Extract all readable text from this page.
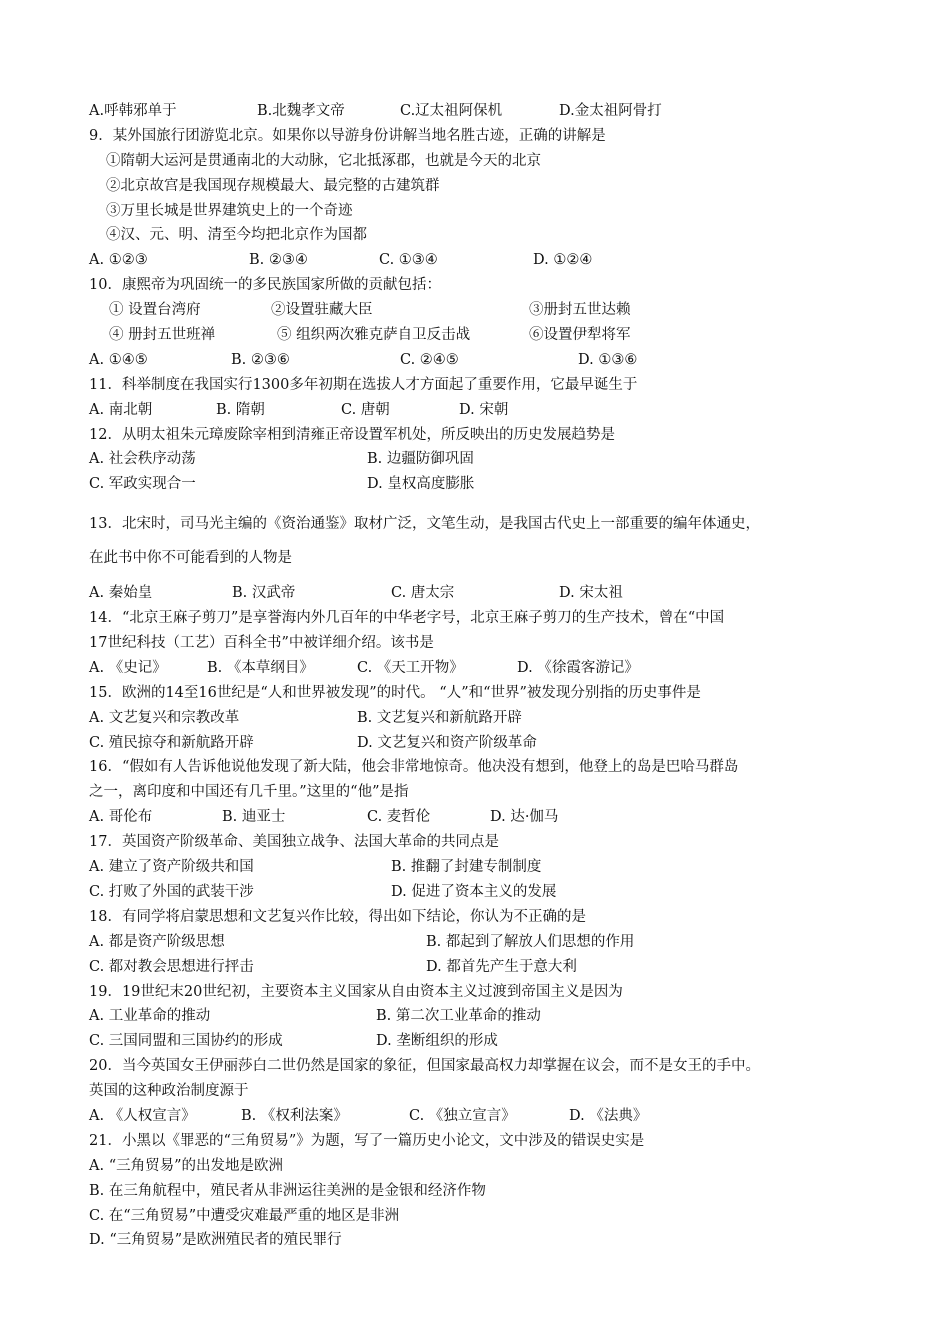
A.呼韩邪单于	B.北魏孝文帝	C.辽太祖阿保机	D.金太祖阿骨打
9．某外国旅行团游览北京。如果你以导游身份讲解当地名胜古迹，正确的讲解是
①隋朝大运河是贯通南北的大动脉，它北抵涿郡，也就是今天的北京
②北京故宫是我国现存规模最大、最完整的古建筑群
③万里长城是世界建筑史上的一个奇迹
④汉、元、明、清至今均把北京作为国都
A. ①②③	B. ②③④	C. ①③④	D. ①②④
10．康熙帝为巩固统一的多民族国家所做的贡献包括：
① 设置台湾府	②设置驻藏大臣	③册封五世达赖
④ 册封五世班禅	⑤ 组织两次雅克萨自卫反击战	⑥设置伊犁将军
A. ①④⑤	B. ②③⑥	C. ②④⑤	D. ①③⑥
11．科举制度在我国实行1300多年初期在选拔人才方面起了重要作用，它最早诞生于
A. 南北朝	B. 隋朝	C. 唐朝	D. 宋朝
12．从明太祖朱元璋废除宰相到清雍正帝设置军机处，所反映出的历史发展趋势是
A. 社会秩序动荡	B. 边疆防御巩固
C. 军政实现合一	D. 皇权高度膨胀
13．北宋时，司马光主编的《资治通鉴》取材广泛，文笔生动，是我国古代史上一部重要的编年体通史，
在此书中你不可能看到的人物是
A. 秦始皇	B. 汉武帝	C. 唐太宗	D. 宋太祖
14．“北京王麻子剪刀”是享誉海内外几百年的中华老字号，北京王麻子剪刀的生产技术，曾在“中国
17世纪科技（工艺）百科全书”中被详细介绍。该书是
A. 《史记》	B. 《本草纲目》	C. 《天工开物》	D. 《徐霞客游记》
15．欧洲的14至16世纪是“人和世界被发现”的时代。 “人”和“世界”被发现分别指的历史事件是
A. 文艺复兴和宗教改革	B. 文艺复兴和新航路开辟
C. 殖民掠夺和新航路开辟	D. 文艺复兴和资产阶级革命
16．“假如有人告诉他说他发现了新大陆，他会非常地惊奇。他决没有想到，他登上的岛是巴哈马群岛
之一，离印度和中国还有几千里。”这里的“他”是指
A. 哥伦布	B. 迪亚士	C. 麦哲伦	D. 达·伽马
17．英国资产阶级革命、美国独立战争、法国大革命的共同点是
A. 建立了资产阶级共和国	B. 推翻了封建专制制度
C. 打败了外国的武装干涉	D. 促进了资本主义的发展
18．有同学将启蒙思想和文艺复兴作比较，得出如下结论，你认为不正确的是
A. 都是资产阶级思想	B. 都起到了解放人们思想的作用
C. 都对教会思想进行抨击	D. 都首先产生于意大利
19．19世纪末20世纪初，主要资本主义国家从自由资本主义过渡到帝国主义是因为
A. 工业革命的推动	B. 第二次工业革命的推动
C. 三国同盟和三国协约的形成	D. 垄断组织的形成
20．当今英国女王伊丽莎白二世仍然是国家的象征，但国家最高权力却掌握在议会，而不是女王的手中。
英国的这种政治制度源于
A. 《人权宣言》	B. 《权利法案》	C. 《独立宣言》	D. 《法典》
21．小黑以《罪恶的“三角贸易”》为题，写了一篇历史小论文，文中涉及的错误史实是
A. “三角贸易”的出发地是欧洲
B. 在三角航程中，殖民者从非洲运往美洲的是金银和经济作物
C. 在“三角贸易”中遭受灾难最严重的地区是非洲
D. “三角贸易”是欧洲殖民者的殖民罪行
